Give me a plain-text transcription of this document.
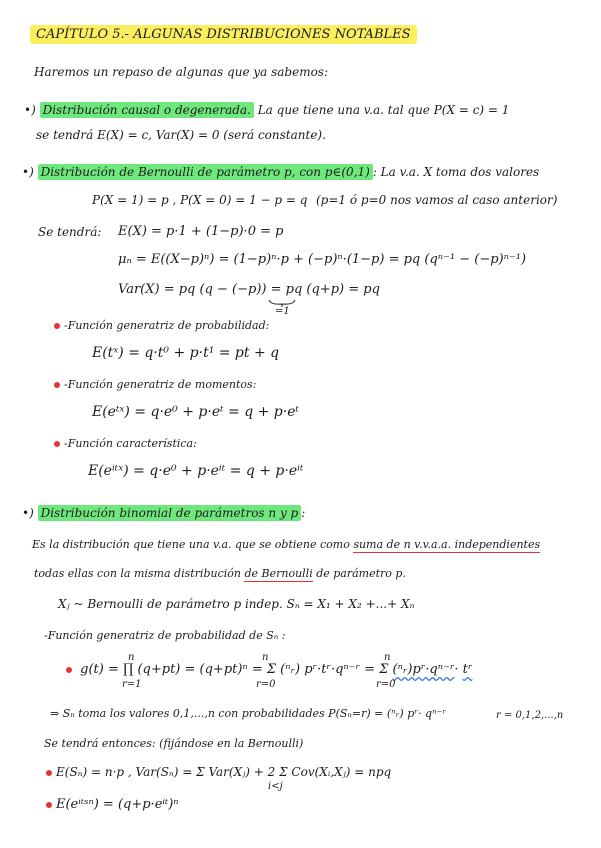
CAPÍTULO 5.- ALGUNAS DISTRIBUCIONES NOTABLES
Haremos un repaso de algunas que ya sabemos:
•) Distribución causal o degenerada. La que tiene una v.a. tal que P(X = c) = 1
se tendrá E(X) = c, Var(X) = 0 (será constante).
•) Distribución de Bernoulli de parámetro p, con p∈(0,1) : La v.a. X toma dos valores
P(X = 1) = p , P(X = 0) = 1 − p = q (p=1 ó p=0 nos vamos al caso anterior)
Se tendrá: E(X) = p·1 + (1−p)·0 = p
μₙ = E((X−p)ⁿ) = (1−p)ⁿ·p + (−p)ⁿ·(1−p) = pq (qⁿ⁻¹ − (−p)ⁿ⁻¹)
Var(X) = pq (q − (−p)) = pq (q+p) = pq
=1
-Función generatriz de probabilidad:
E(tˣ) = q·t⁰ + p·t¹ = pt + q
-Función generatriz de momentos:
E(eᵗˣ) = q·e⁰ + p·eᵗ = q + p·eᵗ
-Función característica:
E(eⁱᵗˣ) = q·e⁰ + p·eⁱᵗ = q + p·eⁱᵗ
•) Distribución binomial de parámetros n y p :
Es la distribución que tiene una v.a. que se obtiene como suma de n v.v.a.a. independientes
todas ellas con la misma distribución de Bernoulli de parámetro p.
Xⱼ ~ Bernoulli de parámetro p indep. Sₙ = X₁ + X₂ +...+ Xₙ
-Función generatriz de probabilidad de Sₙ :
g(t) = ∏ (q+pt) = (q+pt)ⁿ = Σ (ⁿᵣ) pʳ·tʳ·qⁿ⁻ʳ = Σ (ⁿᵣ)pʳ·qⁿ⁻ʳ· tʳ
n
r=1
n
r=0
n
r=0
⇒ Sₙ toma los valores 0,1,...,n con probabilidades P(Sₙ=r) = (ⁿᵣ) pʳ· qⁿ⁻ʳ	r = 0,1,2,...,n
Se tendrá entonces: (fijándose en la Bernoulli)
E(Sₙ) = n·p , Var(Sₙ) = Σ Var(Xⱼ) + 2 Σ Cov(Xᵢ,Xⱼ) = npq
i<j
E(eⁱᵗˢⁿ) = (q+p·eⁱᵗ)ⁿ
